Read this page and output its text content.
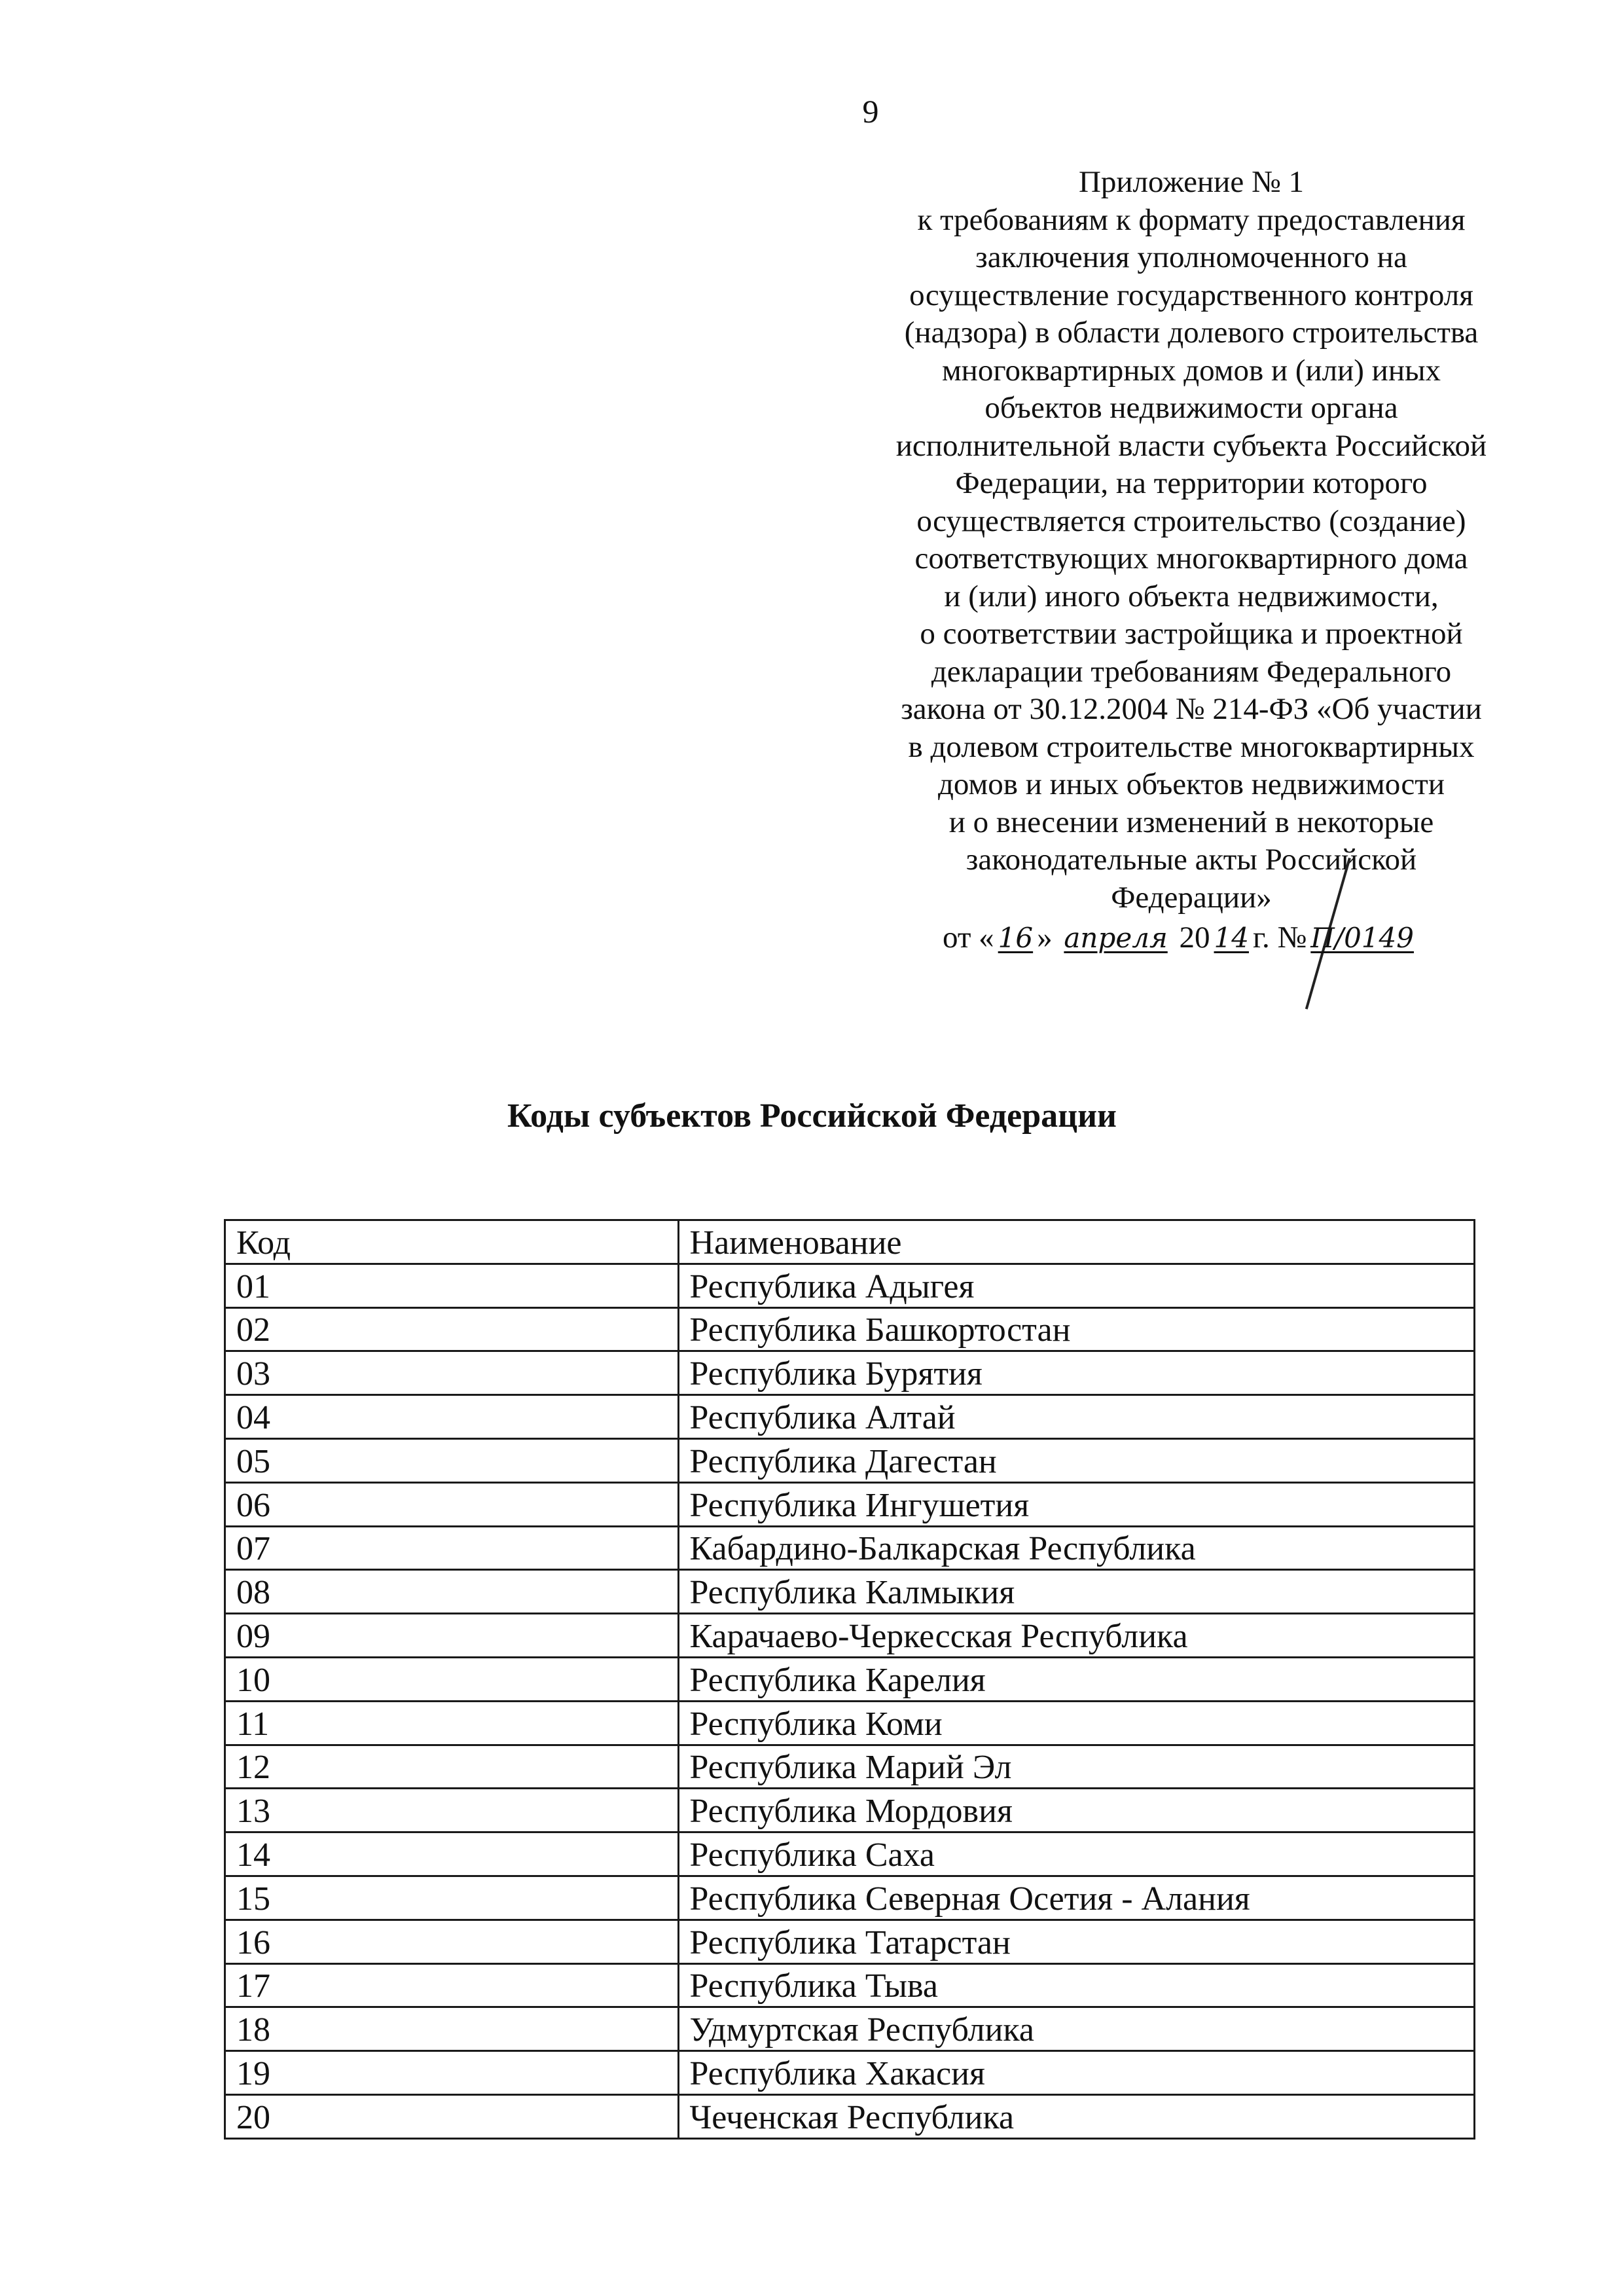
9
Приложение № 1
к требованиям к формату предоставления
заключения уполномоченного на
осуществление государственного контроля
(надзора) в области долевого строительства
многоквартирных домов и (или) иных
объектов недвижимости органа
исполнительной власти субъекта Российской
Федерации, на территории которого
осуществляется строительство (создание)
соответствующих многоквартирного дома
и (или) иного объекта недвижимости,
о соответствии застройщика и проектной
декларации требованиям Федерального
закона от 30.12.2004 № 214-ФЗ «Об участии
в долевом строительстве многоквартирных
домов и иных объектов недвижимости
и о внесении изменений в некоторые
законодательные акты Российской
Федерации»
от « 16 » апреля 20 14 г. № П/0149
Коды субъектов Российской Федерации
Код	Наименование
01	Республика Адыгея
02	Республика Башкортостан
03	Республика Бурятия
04	Республика Алтай
05	Республика Дагестан
06	Республика Ингушетия
07	Кабардино-Балкарская Республика
08	Республика Калмыкия
09	Карачаево-Черкесская Республика
10	Республика Карелия
11	Республика Коми
12	Республика Марий Эл
13	Республика Мордовия
14	Республика Саха
15	Республика Северная Осетия - Алания
16	Республика Татарстан
17	Республика Тыва
18	Удмуртская Республика
19	Республика Хакасия
20	Чеченская Республика
